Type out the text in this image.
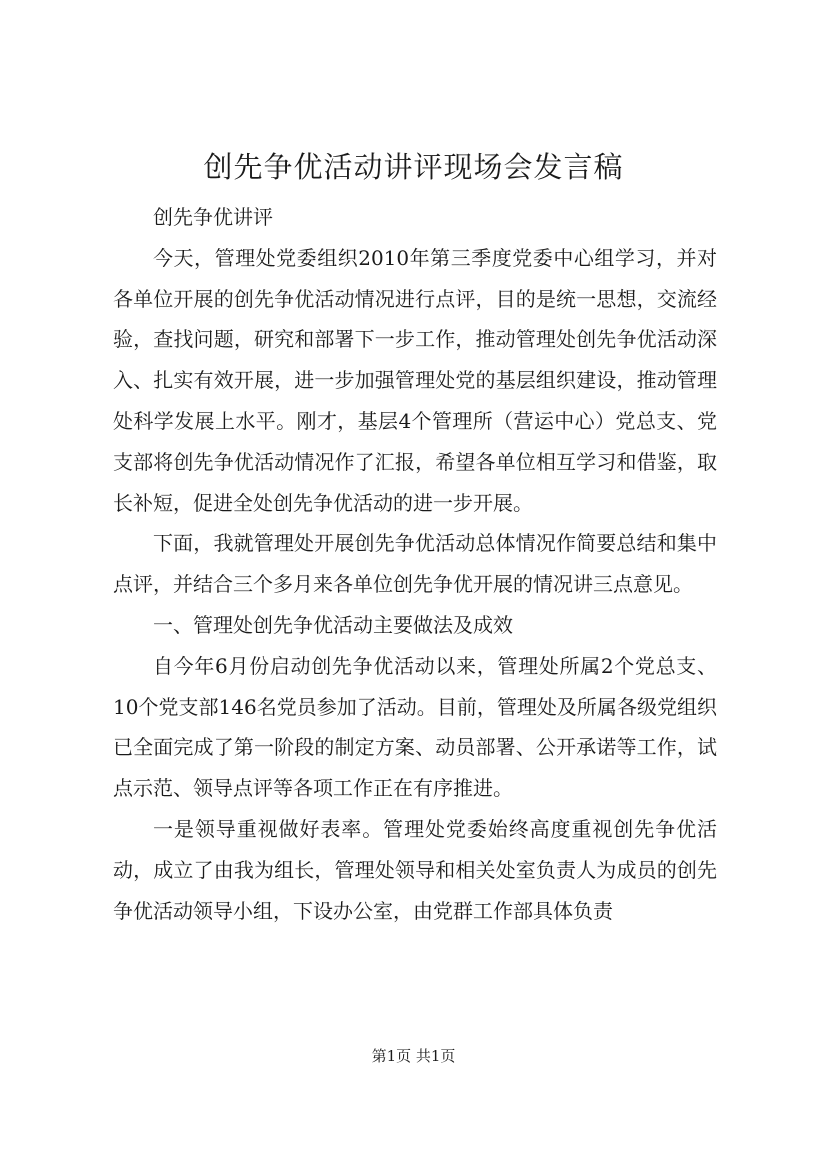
创先争优活动讲评现场会发言稿

创先争优讲评

今天，管理处党委组织2010年第三季度党委中心组学习，并对各单位开展的创先争优活动情况进行点评，目的是统一思想，交流经验，查找问题，研究和部署下一步工作，推动管理处创先争优活动深入、扎实有效开展，进一步加强管理处党的基层组织建设，推动管理处科学发展上水平。刚才，基层4个管理所（营运中心）党总支、党支部将创先争优活动情况作了汇报，希望各单位相互学习和借鉴，取长补短，促进全处创先争优活动的进一步开展。

下面，我就管理处开展创先争优活动总体情况作简要总结和集中点评，并结合三个多月来各单位创先争优开展的情况讲三点意见。

一、管理处创先争优活动主要做法及成效

自今年6月份启动创先争优活动以来，管理处所属2个党总支、10个党支部146名党员参加了活动。目前，管理处及所属各级党组织已全面完成了第一阶段的制定方案、动员部署、公开承诺等工作，试点示范、领导点评等各项工作正在有序推进。

一是领导重视做好表率。管理处党委始终高度重视创先争优活动，成立了由我为组长，管理处领导和相关处室负责人为成员的创先争优活动领导小组，下设办公室，由党群工作部具体负责

第1页 共1页
